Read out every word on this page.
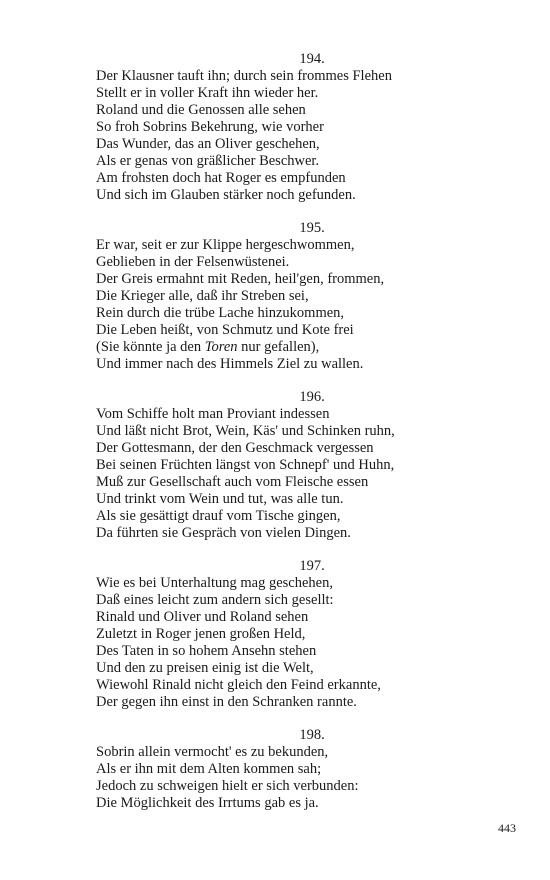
194.
Der Klausner tauft ihn; durch sein frommes Flehen
Stellt er in voller Kraft ihn wieder her.
Roland und die Genossen alle sehen
So froh Sobrins Bekehrung, wie vorher
Das Wunder, das an Oliver geschehen,
Als er genas von gräßlicher Beschwer.
Am frohsten doch hat Roger es empfunden
Und sich im Glauben stärker noch gefunden.
195.
Er war, seit er zur Klippe hergeschwommen,
Geblieben in der Felsenwüstenei.
Der Greis ermahnt mit Reden, heil'gen, frommen,
Die Krieger alle, daß ihr Streben sei,
Rein durch die trübe Lache hinzukommen,
Die Leben heißt, von Schmutz und Kote frei
(Sie könnte ja den Toren nur gefallen),
Und immer nach des Himmels Ziel zu wallen.
196.
Vom Schiffe holt man Proviant indessen
Und läßt nicht Brot, Wein, Käs' und Schinken ruhn,
Der Gottesmann, der den Geschmack vergessen
Bei seinen Früchten längst von Schnepf' und Huhn,
Muß zur Gesellschaft auch vom Fleische essen
Und trinkt vom Wein und tut, was alle tun.
Als sie gesättigt drauf vom Tische gingen,
Da führten sie Gespräch von vielen Dingen.
197.
Wie es bei Unterhaltung mag geschehen,
Daß eines leicht zum andern sich gesellt:
Rinald und Oliver und Roland sehen
Zuletzt in Roger jenen großen Held,
Des Taten in so hohem Ansehn stehen
Und den zu preisen einig ist die Welt,
Wiewohl Rinald nicht gleich den Feind erkannte,
Der gegen ihn einst in den Schranken rannte.
198.
Sobrin allein vermocht' es zu bekunden,
Als er ihn mit dem Alten kommen sah;
Jedoch zu schweigen hielt er sich verbunden:
Die Möglichkeit des Irrtums gab es ja.
443
